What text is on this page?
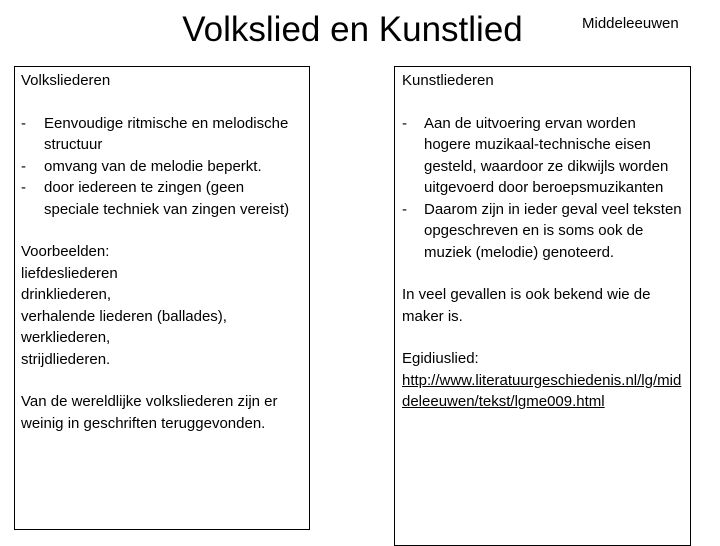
Volkslied en Kunstlied	Middeleeuwen
Volksliederen
- Eenvoudige ritmische en melodische structuur
- omvang van de melodie beperkt.
- door iedereen te zingen (geen speciale techniek van zingen vereist)
Voorbeelden:
liefdesliederen
drinkliederen,
verhalende liederen (ballades),
werkliederen,
strijdliederen.

Van de wereldlijke volksliederen zijn er weinig in geschriften teruggevonden.

Kunstliederen
- Aan de uitvoering ervan worden hogere muzikaal-technische eisen gesteld, waardoor ze dikwijls worden uitgevoerd door beroepsmuzikanten
- Daarom zijn in ieder geval veel teksten opgeschreven en is soms ook de muziek (melodie) genoteerd.

In veel gevallen is ook bekend wie de maker is.

Egidiuslied:
http://www.literatuurgeschiedenis.nl/lg/middeleeuwen/tekst/lgme009.html
